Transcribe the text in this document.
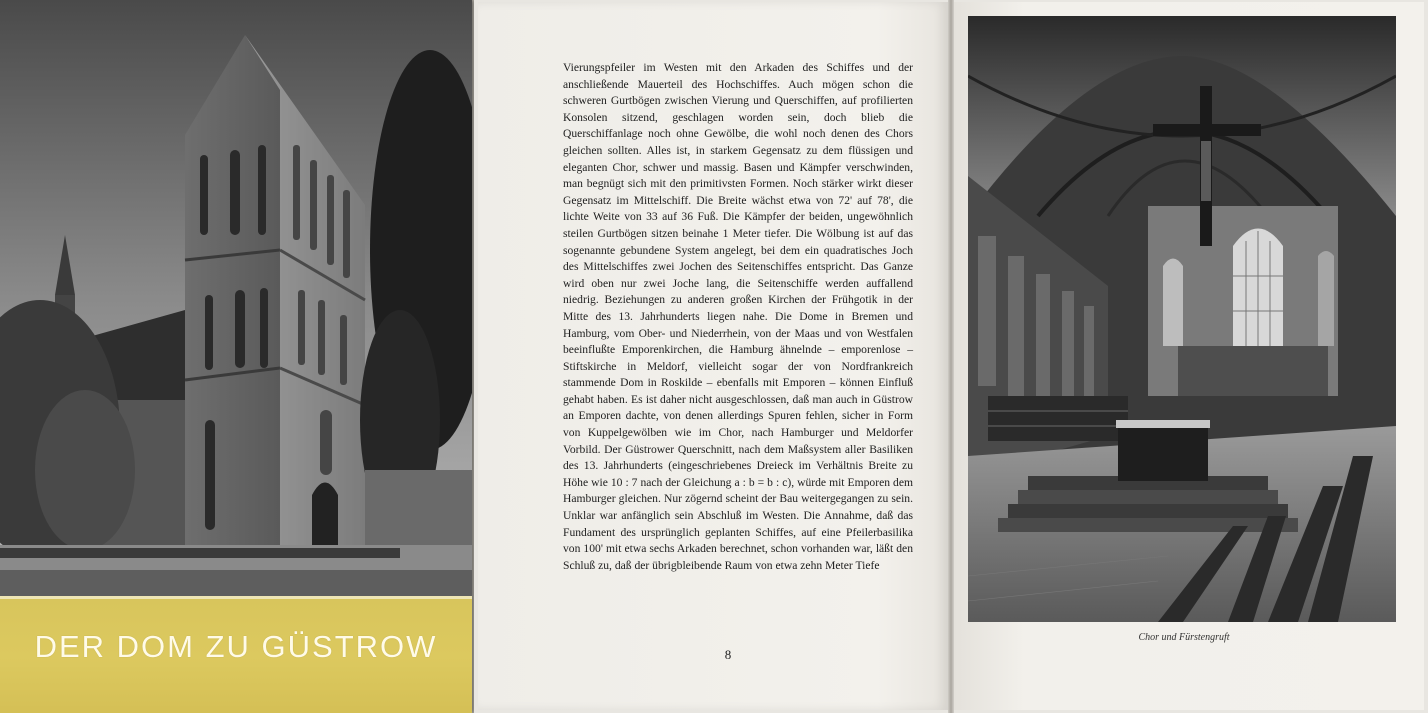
DER DOM ZU GÜSTROW

Vierungspfeiler im Westen mit den Arkaden des Schiffes und der anschließende Mauerteil des Hochschiffes. Auch mögen schon die schweren Gurtbögen zwischen Vierung und Querschiffen, auf profilierten Konsolen sitzend, geschlagen worden sein, doch blieb die Querschiffanlage noch ohne Gewölbe, die wohl noch denen des Chors gleichen sollten. Alles ist, in starkem Gegensatz zu dem flüssigen und eleganten Chor, schwer und massig. Basen und Kämpfer verschwinden, man begnügt sich mit den primitivsten Formen. Noch stärker wirkt dieser Gegensatz im Mittelschiff. Die Breite wächst etwa von 72' auf 78', die lichte Weite von 33 auf 36 Fuß. Die Kämpfer der beiden, ungewöhnlich steilen Gurtbögen sitzen beinahe 1 Meter tiefer. Die Wölbung ist auf das sogenannte gebundene System angelegt, bei dem ein quadratisches Joch des Mittelschiffes zwei Jochen des Seitenschiffes entspricht. Das Ganze wird oben nur zwei Joche lang, die Seitenschiffe werden auffallend niedrig. Beziehungen zu anderen großen Kirchen der Frühgotik in der Mitte des 13. Jahrhunderts liegen nahe. Die Dome in Bremen und Hamburg, vom Ober- und Niederrhein, von der Maas und von Westfalen beeinflußte Emporenkirchen, die Hamburg ähnelnde – emporenlose – Stiftskirche in Meldorf, vielleicht sogar der von Nordfrankreich stammende Dom in Roskilde – ebenfalls mit Emporen – können Einfluß gehabt haben. Es ist daher nicht ausgeschlossen, daß man auch in Güstrow an Emporen dachte, von denen allerdings Spuren fehlen, sicher in Form von Kuppelgewölben wie im Chor, nach Hamburger und Meldorfer Vorbild. Der Güstrower Querschnitt, nach dem Maßsystem aller Basiliken des 13. Jahrhunderts (eingeschriebenes Dreieck im Verhältnis Breite zu Höhe wie 10 : 7 nach der Gleichung a : b = b : c), würde mit Emporen dem Hamburger gleichen. Nur zögernd scheint der Bau weitergegangen zu sein. Unklar war anfänglich sein Abschluß im Westen. Die Annahme, daß das Fundament des ursprünglich geplanten Schiffes, auf eine Pfeilerbasilika von 100' mit etwa sechs Arkaden berechnet, schon vorhanden war, läßt den Schluß zu, daß der übrigbleibende Raum von etwa zehn Meter Tiefe

8
Chor und Fürstengruft
